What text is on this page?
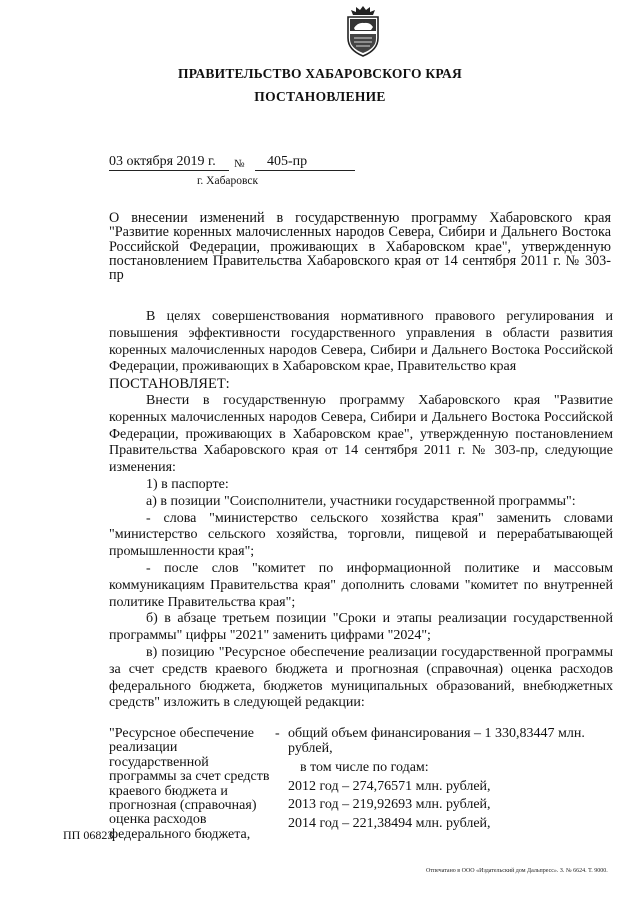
ПРАВИТЕЛЬСТВО ХАБАРОВСКОГО КРАЯ
ПОСТАНОВЛЕНИЕ
03 октября 2019 г.	№	405-пр
г. Хабаровск
О внесении изменений в государственную программу Хабаровского края "Развитие коренных малочисленных народов Севера, Сибири и Дальнего Востока Российской Федерации, проживающих в Хабаровском крае", утвержденную постановлением Правительства Хабаровского края от 14 сентября 2011 г. № 303-пр

В целях совершенствования нормативного правового регулирования и повышения эффективности государственного управления в области развития коренных малочисленных народов Севера, Сибири и Дальнего Востока Российской Федерации, проживающих в Хабаровском крае, Правительство края

ПОСТАНОВЛЯЕТ:

Внести в государственную программу Хабаровского края "Развитие коренных малочисленных народов Севера, Сибири и Дальнего Востока Российской Федерации, проживающих в Хабаровском крае", утвержденную постановлением Правительства Хабаровского края от 14 сентября 2011 г. № 303-пр, следующие изменения:

1) в паспорте:

а) в позиции "Соисполнители, участники государственной программы":

- слова "министерство сельского хозяйства края" заменить словами "министерство сельского хозяйства, торговли, пищевой и перерабатывающей промышленности края";

- после слов "комитет по информационной политике и массовым коммуникациям Правительства края" дополнить словами "комитет по внутренней политике Правительства края";

б) в абзаце третьем позиции "Сроки и этапы реализации государственной программы" цифры "2021" заменить цифрами "2024";

в) позицию "Ресурсное обеспечение реализации государственной программы за счет средств краевого бюджета и прогнозная (справочная) оценка расходов федерального бюджета, бюджетов муниципальных образований, внебюджетных средств" изложить в следующей редакции:

"Ресурсное обеспечение реализации государственной программы за счет средств краевого бюджета и прогнозная (справочная) оценка расходов федерального бюджета,
- общий объем финансирования – 1 330,83447 млн. рублей,

в том числе по годам:

2012 год – 274,76571 млн. рублей,

2013 год – 219,92693 млн. рублей,

2014 год – 221,38494 млн. рублей,

ПП 06823
Отпечатано в ООО «Издательский дом Дальпресс». З. № 6624. Т. 9000.
